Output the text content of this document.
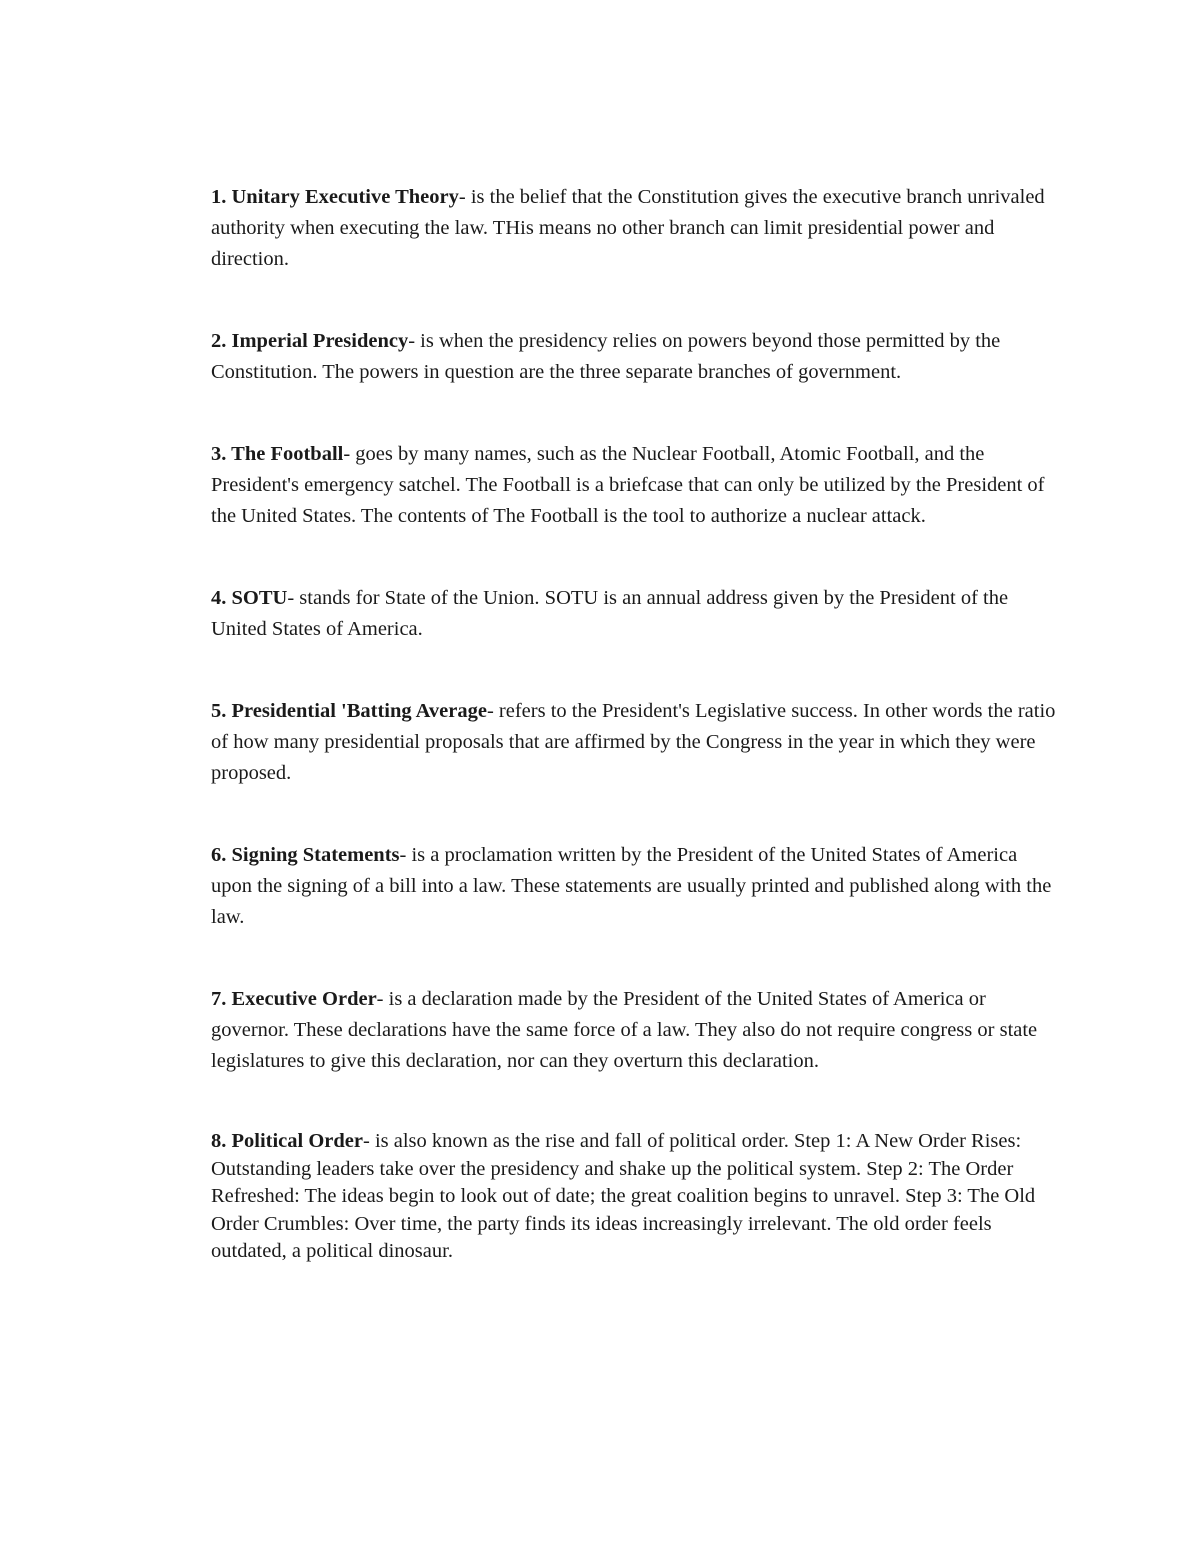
1. Unitary Executive Theory- is the belief that the Constitution gives the executive branch unrivaled authority when executing the law. THis means no other branch can limit presidential power and direction.

2. Imperial Presidency- is when the presidency relies on powers beyond those permitted by the Constitution. The powers in question are the three separate branches of government.

3. The Football- goes by many names, such as the Nuclear Football, Atomic Football, and the President's emergency satchel. The Football is a briefcase that can only be utilized by the President of the United States. The contents of The Football is the tool to authorize a nuclear attack.

4. SOTU- stands for State of the Union. SOTU is an annual address given by the President of the United States of America.

5. Presidential 'Batting Average- refers to the President's Legislative success. In other words the ratio of how many presidential proposals that are affirmed by the Congress in the year in which they were proposed.

6. Signing Statements- is a proclamation written by the President of the United States of America upon the signing of a bill into a law. These statements are usually printed and published along with the law.

7. Executive Order- is a declaration made by the President of the United States of America or governor. These declarations have the same force of a law. They also do not require congress or state legislatures to give this declaration, nor can they overturn this declaration.

8. Political Order- is also known as the rise and fall of political order. Step 1: A New Order Rises: Outstanding leaders take over the presidency and shake up the political system. Step 2: The Order Refreshed: The ideas begin to look out of date; the great coalition begins to unravel. Step 3: The Old Order Crumbles: Over time, the party finds its ideas increasingly irrelevant. The old order feels outdated, a political dinosaur.
